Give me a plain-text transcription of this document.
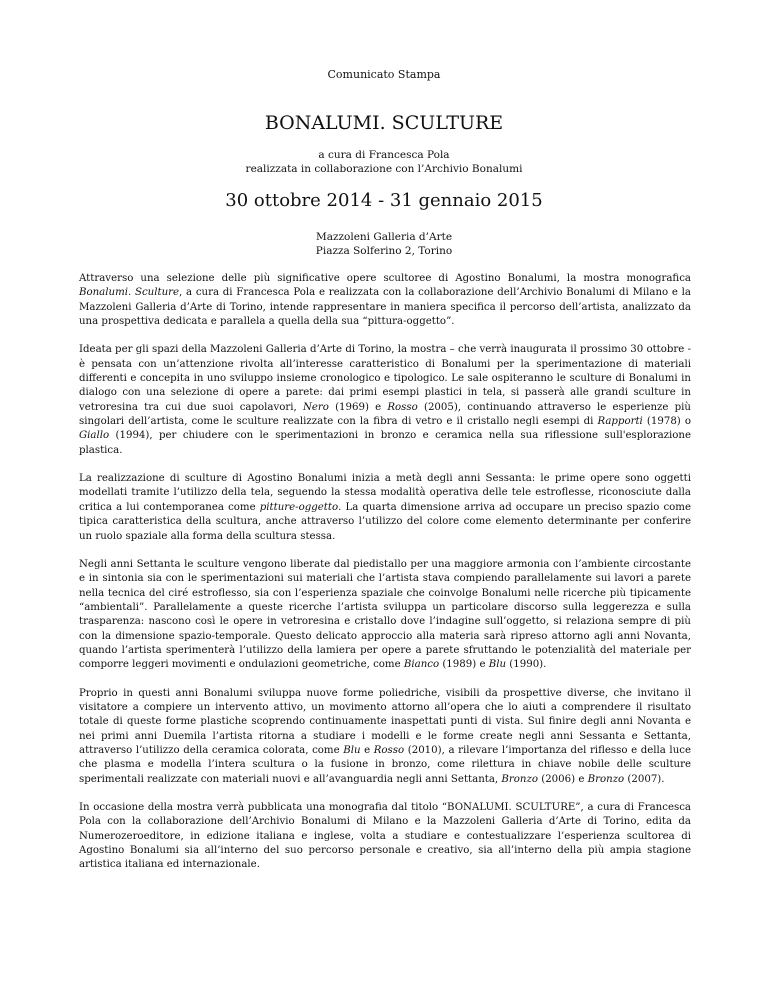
Comunicato Stampa
BONALUMI. SCULTURE
a cura di Francesca Pola
realizzata in collaborazione con l’Archivio Bonalumi
30 ottobre 2014 - 31 gennaio 2015
Mazzoleni Galleria d’Arte
Piazza Solferino 2, Torino

Attraverso una selezione delle più significative opere scultoree di Agostino Bonalumi, la mostra monografica Bonalumi. Sculture, a cura di Francesca Pola e realizzata con la collaborazione dell’Archivio Bonalumi di Milano e la Mazzoleni Galleria d’Arte di Torino, intende rappresentare in maniera specifica il percorso dell’artista, analizzato da una prospettiva dedicata e parallela a quella della sua “pittura-oggetto”.

Ideata per gli spazi della Mazzoleni Galleria d’Arte di Torino, la mostra – che verrà inaugurata il prossimo 30 ottobre - è pensata con un’attenzione rivolta all’interesse caratteristico di Bonalumi per la sperimentazione di materiali differenti e concepita in uno sviluppo insieme cronologico e tipologico. Le sale ospiteranno le sculture di Bonalumi in dialogo con una selezione di opere a parete: dai primi esempi plastici in tela, si passerà alle grandi sculture in vetroresina tra cui due suoi capolavori, Nero (1969) e Rosso (2005), continuando attraverso le esperienze più singolari dell’artista, come le sculture realizzate con la fibra di vetro e il cristallo negli esempi di Rapporti (1978) o Giallo (1994), per chiudere con le sperimentazioni in bronzo e ceramica nella sua riflessione sull'esplorazione plastica.

La realizzazione di sculture di Agostino Bonalumi inizia a metà degli anni Sessanta: le prime opere sono oggetti modellati tramite l’utilizzo della tela, seguendo la stessa modalità operativa delle tele estroflesse, riconosciute dalla critica a lui contemporanea come pitture-oggetto. La quarta dimensione arriva ad occupare un preciso spazio come tipica caratteristica della scultura, anche attraverso l’utilizzo del colore come elemento determinante per conferire un ruolo spaziale alla forma della scultura stessa.

Negli anni Settanta le sculture vengono liberate dal piedistallo per una maggiore armonia con l’ambiente circostante e in sintonia sia con le sperimentazioni sui materiali che l’artista stava compiendo parallelamente sui lavori a parete nella tecnica del ciré estroflesso, sia con l’esperienza spaziale che coinvolge Bonalumi nelle ricerche più tipicamente “ambientali”. Parallelamente a queste ricerche l’artista sviluppa un particolare discorso sulla leggerezza e sulla trasparenza: nascono così le opere in vetroresina e cristallo dove l’indagine sull’oggetto, si relaziona sempre di più con la dimensione spazio-temporale. Questo delicato approccio alla materia sarà ripreso attorno agli anni Novanta, quando l’artista sperimenterà l’utilizzo della lamiera per opere a parete sfruttando le potenzialità del materiale per comporre leggeri movimenti e ondulazioni geometriche, come Bianco (1989) e Blu (1990).

Proprio in questi anni Bonalumi sviluppa nuove forme poliedriche, visibili da prospettive diverse, che invitano il visitatore a compiere un intervento attivo, un movimento attorno all’opera che lo aiuti a comprendere il risultato totale di queste forme plastiche scoprendo continuamente inaspettati punti di vista. Sul finire degli anni Novanta e nei primi anni Duemila l’artista ritorna a studiare i modelli e le forme create negli anni Sessanta e Settanta, attraverso l’utilizzo della ceramica colorata, come Blu e Rosso (2010), a rilevare l’importanza del riflesso e della luce che plasma e modella l’intera scultura o la fusione in bronzo, come rilettura in chiave nobile delle sculture sperimentali realizzate con materiali nuovi e all’avanguardia negli anni Settanta, Bronzo (2006) e Bronzo (2007).

In occasione della mostra verrà pubblicata una monografia dal titolo “BONALUMI. SCULTURE”, a cura di Francesca Pola con la collaborazione dell’Archivio Bonalumi di Milano e la Mazzoleni Galleria d’Arte di Torino, edita da Numerozeroeditore, in edizione italiana e inglese, volta a studiare e contestualizzare l’esperienza scultorea di Agostino Bonalumi sia all’interno del suo percorso personale e creativo, sia all’interno della più ampia stagione artistica italiana ed internazionale.
